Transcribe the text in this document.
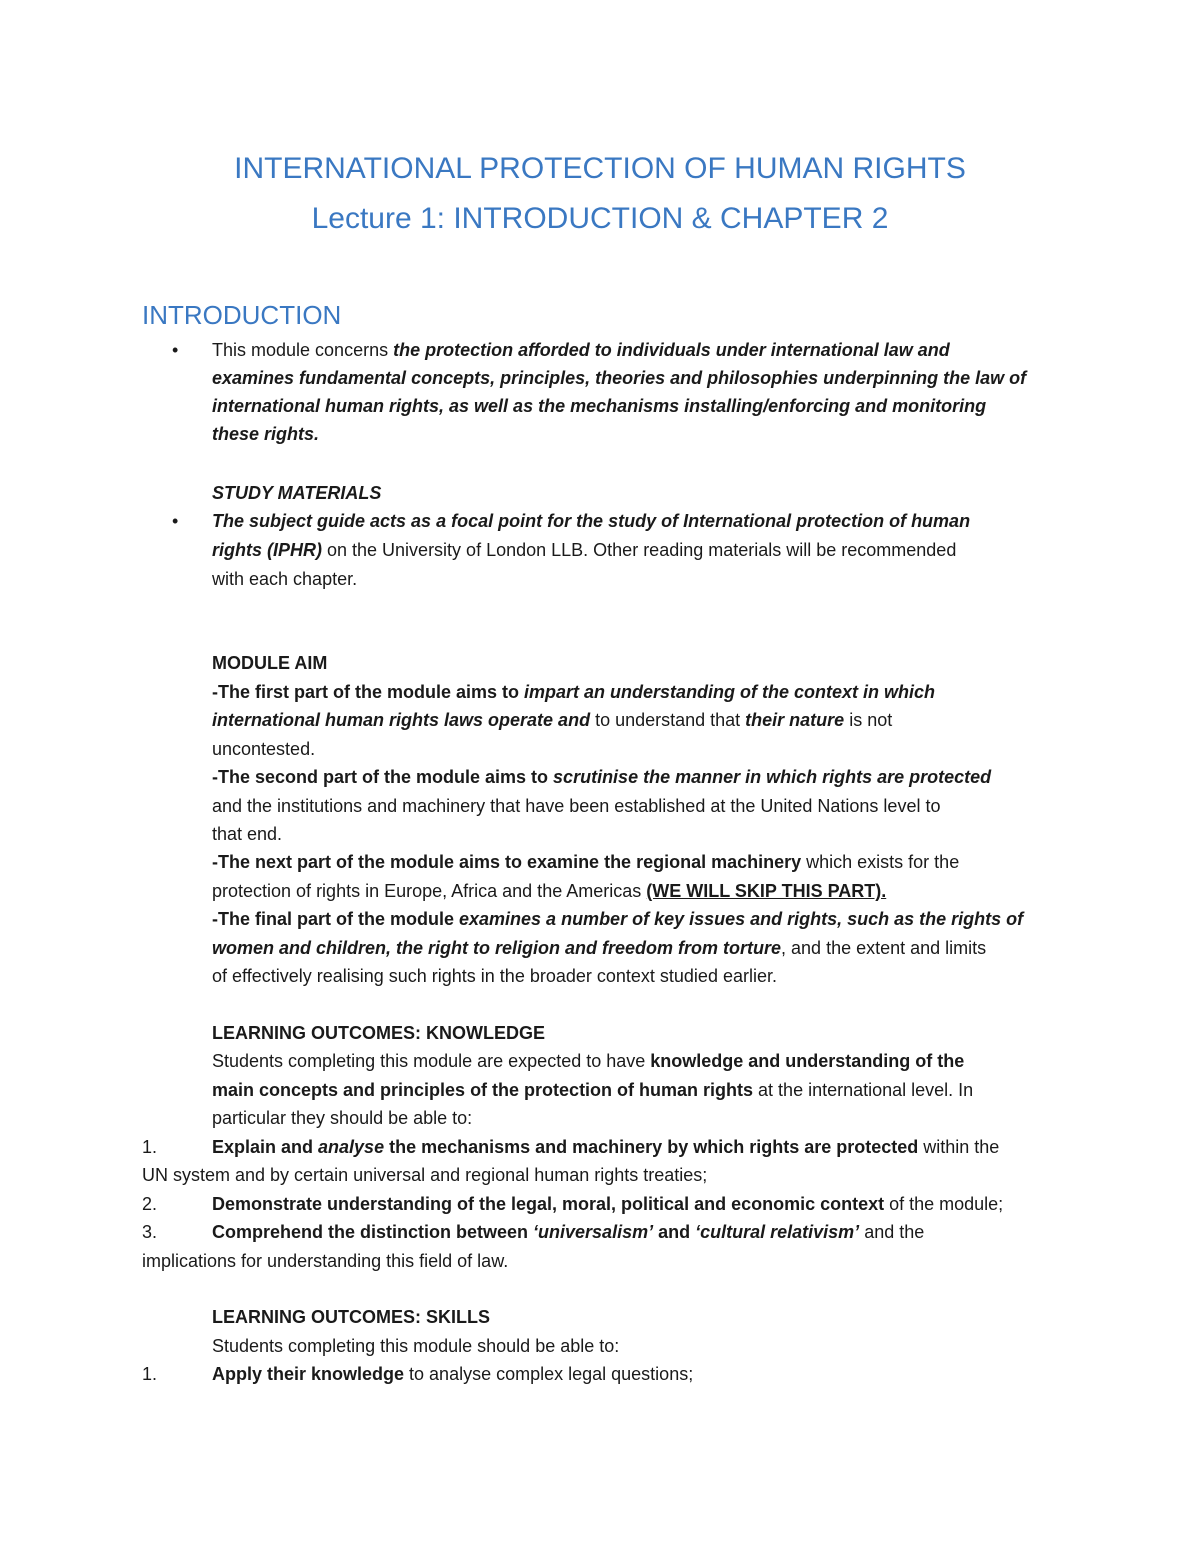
INTERNATIONAL PROTECTION OF HUMAN RIGHTS
Lecture 1: INTRODUCTION & CHAPTER 2
INTRODUCTION
• This module concerns the protection afforded to individuals under international law and

examines fundamental concepts, principles, theories and philosophies underpinning the law of

international human rights, as well as the mechanisms installing/enforcing and monitoring

these rights.

STUDY MATERIALS

• The subject guide acts as a focal point for the study of International protection of human

rights (IPHR) on the University of London LLB. Other reading materials will be recommended

with each chapter.

MODULE AIM

-The first part of the module aims to impart an understanding of the context in which

international human rights laws operate and to understand that their nature is not

uncontested.

-The second part of the module aims to scrutinise the manner in which rights are protected

and the institutions and machinery that have been established at the United Nations level to

that end.

-The next part of the module aims to examine the regional machinery which exists for the

protection of rights in Europe, Africa and the Americas (WE WILL SKIP THIS PART).

-The final part of the module examines a number of key issues and rights, such as the rights of

women and children, the right to religion and freedom from torture, and the extent and limits

of effectively realising such rights in the broader context studied earlier.

LEARNING OUTCOMES: KNOWLEDGE

Students completing this module are expected to have knowledge and understanding of the

main concepts and principles of the protection of human rights at the international level. In

particular they should be able to:

1.	Explain and analyse the mechanisms and machinery by which rights are protected within the

UN system and by certain universal and regional human rights treaties;

2.	Demonstrate understanding of the legal, moral, political and economic context of the module;

3.	Comprehend the distinction between ‘universalism’ and ‘cultural relativism’ and the

implications for understanding this field of law.

LEARNING OUTCOMES: SKILLS

Students completing this module should be able to:

1.	Apply their knowledge to analyse complex legal questions;
